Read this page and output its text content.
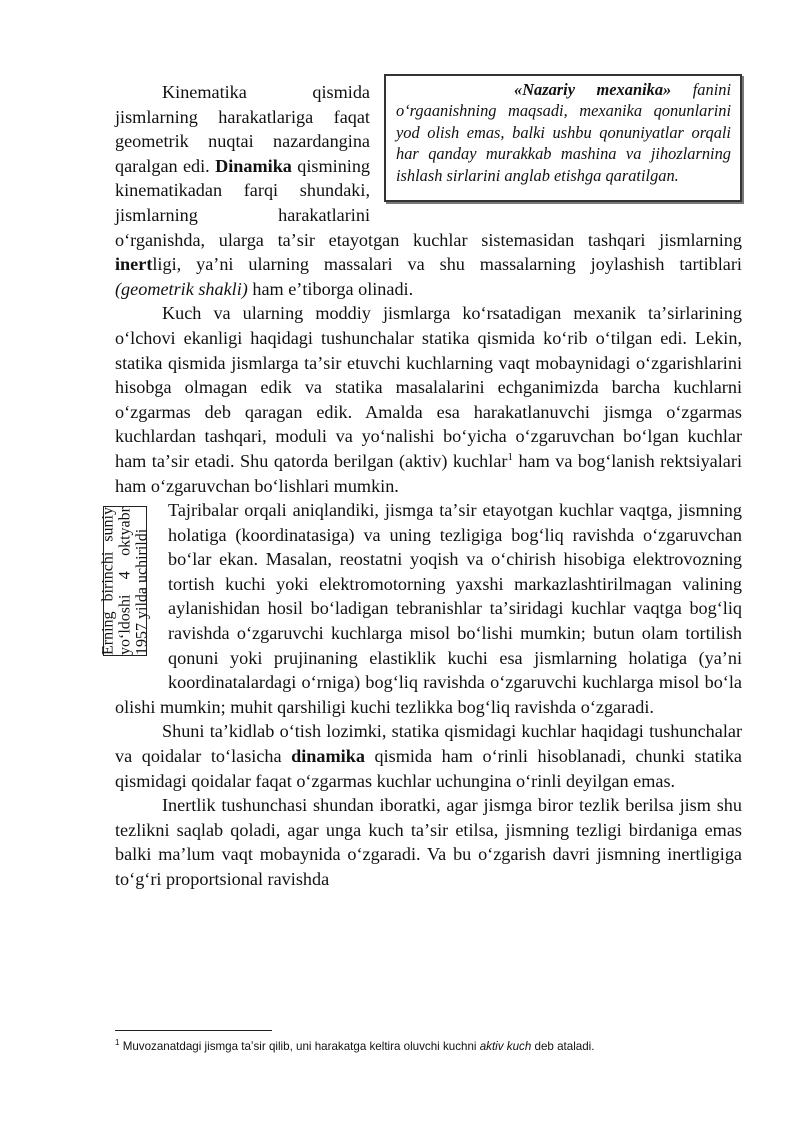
«Nazariy mexanika» fanini oʻrgaanishning maqsadi, mexanika qonunlarini yod olish emas, balki ushbu qonuniyatlar orqali har qanday murakkab mashina va jihozlarning ishlash sirlarini anglab etishga qaratilgan.

Kinematika qismida jismlarning harakatlariga faqat geometrik nuqtai nazardangina qaralgan edi. Dinamika qismining kinematikadan farqi shundaki, jismlarning harakatlarini oʻrganishda, ularga taʼsir etayotgan kuchlar sistemasidan tashqari jismlarning inertligi, yaʼni ularning massalari va shu massalarning joylashish tartiblari (geometrik shakli) ham eʼtiborga olinadi.

Kuch va ularning moddiy jismlarga koʻrsatadigan mexanik taʼsirlarining oʻlchovi ekanligi haqidagi tushunchalar statika qismida koʻrib oʻtilgan edi. Lekin, statika qismida jismlarga taʼsir etuvchi kuchlarning vaqt mobaynidagi oʻzgarishlarini hisobga olmagan edik va statika masalalarini echganimizda barcha kuchlarni oʻzgarmas deb qaragan edik. Amalda esa harakatlanuvchi jismga oʻzgarmas kuchlardan tashqari, moduli va yoʻnalishi boʻyicha oʻzgaruvchan boʻlgan kuchlar ham taʼsir etadi. Shu qatorda berilgan (aktiv) kuchlar$^1$ ham va bogʻlanish rektsiyalari ham oʻzgaruvchan boʻlishlari mumkin.

Erning birinchi suniy yoʻldoshi 4 oktyabr 1957 yilda uchirildi

Tajribalar orqali aniqlandiki, jismga taʼsir etayotgan kuchlar vaqtga, jismning holatiga (koordinatasiga) va uning tezligiga bogʻliq ravishda oʻzgaruvchan boʻlar ekan. Masalan, reostatni yoqish va oʻchirish hisobiga elektrovozning tortish kuchi yoki elektromotorning yaxshi markazlashtirilmagan valining aylanishidan hosil boʻladigan tebranishlar taʼsiridagi kuchlar vaqtga bogʻliq ravishda oʻzgaruvchi kuchlarga misol boʻlishi mumkin; butun olam tortilish qonuni yoki prujinaning elastiklik kuchi esa jismlarning holatiga (yaʼni koordinatalardagi oʻrniga) bogʻliq ravishda oʻzgaruvchi kuchlarga misol boʻla olishi mumkin; muhit qarshiligi kuchi tezlikka bogʻliq ravishda oʻzgaradi.

Shuni taʼkidlab oʻtish lozimki, statika qismidagi kuchlar haqidagi tushunchalar va qoidalar toʻlasicha dinamika qismida ham oʻrinli hisoblanadi, chunki statika qismidagi qoidalar faqat oʻzgarmas kuchlar uchungina oʻrinli deyilgan emas.

Inertlik tushunchasi shundan iboratki, agar jismga biror tezlik berilsa jism shu tezlikni saqlab qoladi, agar unga kuch taʼsir etilsa, jismning tezligi birdaniga emas balki maʼlum vaqt mobaynida oʻzgaradi. Va bu oʻzgarish davri jismning inertligiga toʻgʻri proportsional ravishda

$^1$ Muvozanatdagi jismga taʼsir qilib, uni harakatga keltira oluvchi kuchni aktiv kuch deb ataladi.
